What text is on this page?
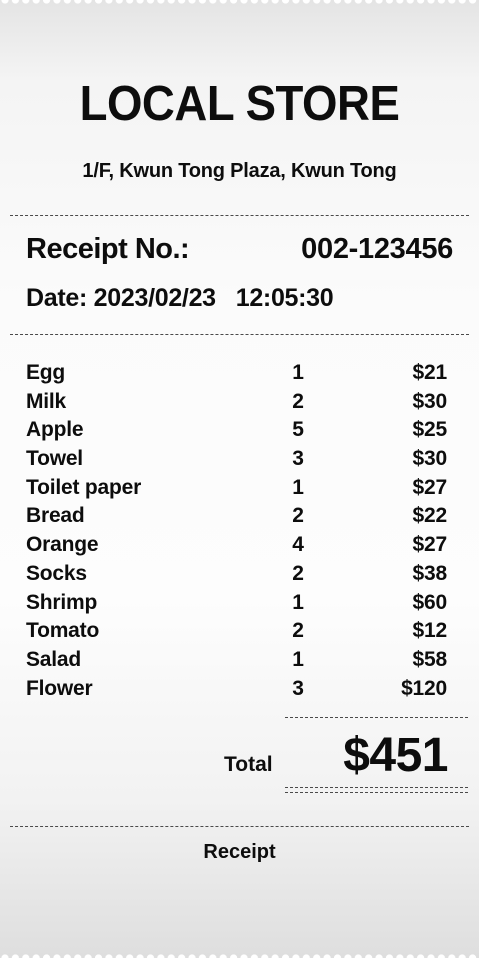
LOCAL STORE
1/F, Kwun Tong Plaza, Kwun Tong
Receipt No.:	002-123456
Date: 2023/02/23   12:05:30
Egg	1	$21
Milk	2	$30
Apple	5	$25
Towel	3	$30
Toilet paper	1	$27
Bread	2	$22
Orange	4	$27
Socks	2	$38
Shrimp	1	$60
Tomato	2	$12
Salad	1	$58
Flower	3	$120
Total $451
Receipt
